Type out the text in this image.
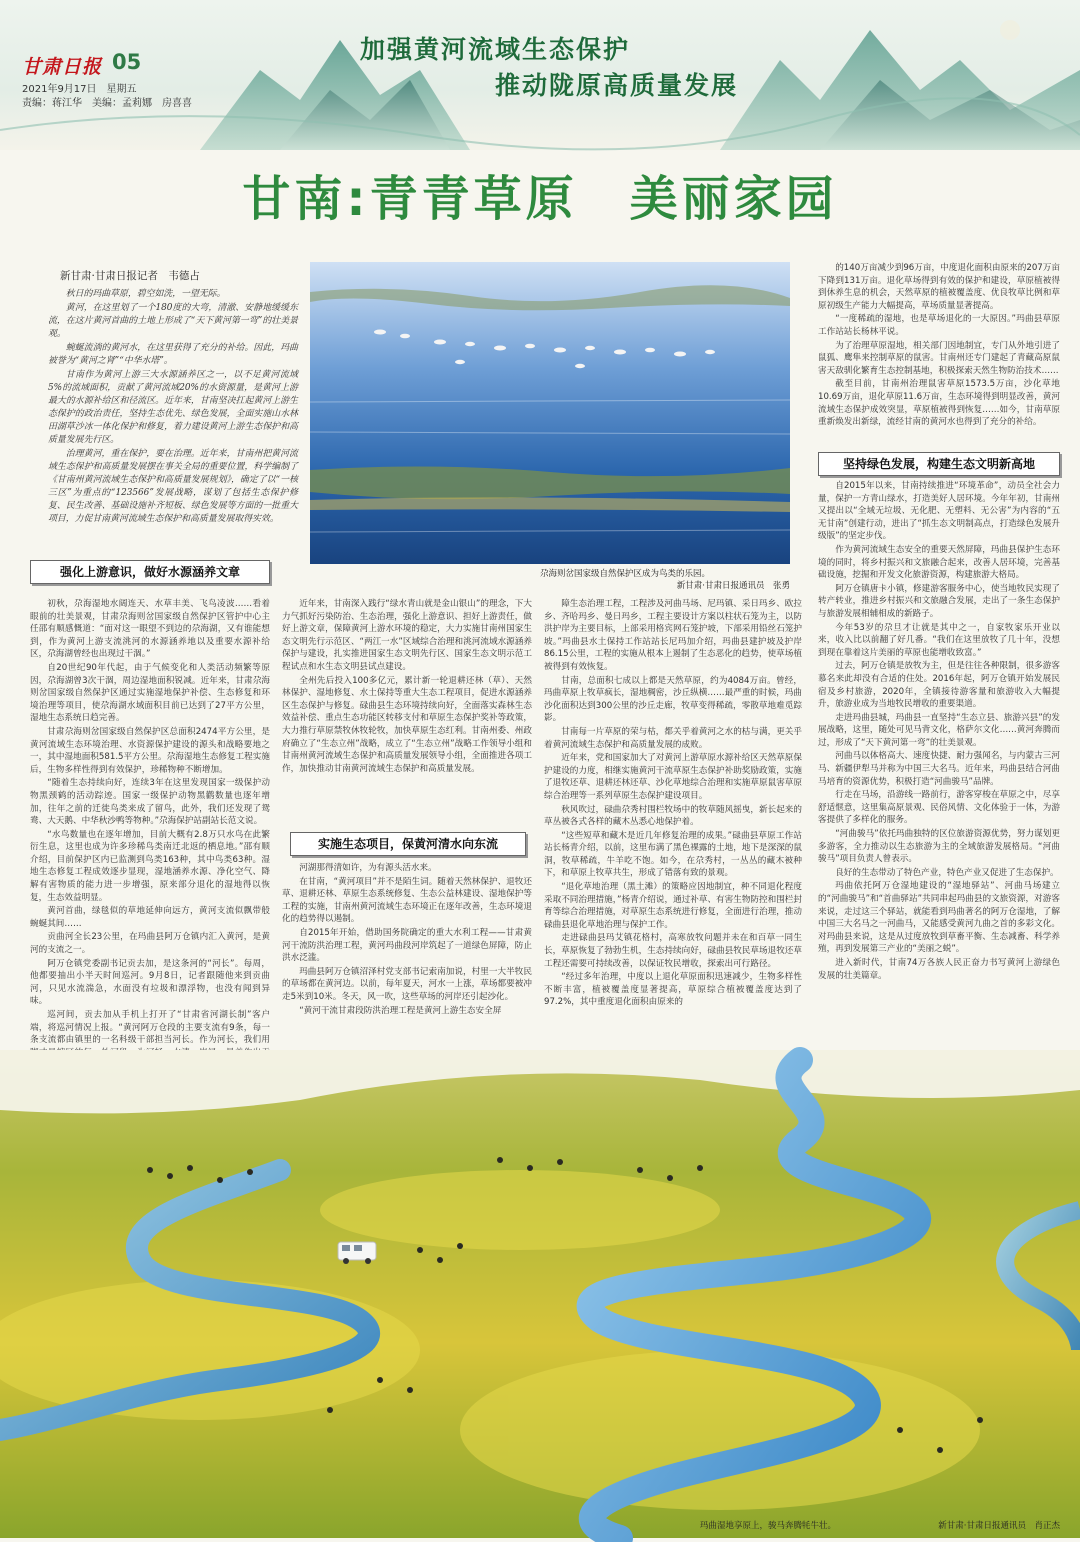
甘肃日报 05
2021年9月17日　星期五
责编：蒋江华　美编：孟莉娜　房喜喜
加强黄河流域生态保护
推动陇原高质量发展
甘南:青青草原　美丽家园
新甘肃·甘肃日报记者　韦德占

秋日的玛曲草原，碧空如洗，一望无际。

黄河，在这里划了一个180度的大弯，清澈、安静地缓缓东流，在这片黄河首曲的土地上形成了“天下黄河第一弯”的壮美景观。

蜿蜒流淌的黄河水，在这里获得了充分的补给。因此，玛曲被誉为“黄河之肾”“中华水塔”。

甘南作为黄河上游三大水源涵养区之一，以不足黄河流域5%的流域面积，贡献了黄河流域20%的水资源量，是黄河上游最大的水源补给区和径流区。近年来，甘南坚决扛起黄河上游生态保护的政治责任，坚持生态优先、绿色发展，全面实施山水林田湖草沙冰一体化保护和修复，着力建设黄河上游生态保护和高质量发展先行区。

治理黄河，重在保护，要在治理。近年来，甘南州把黄河流域生态保护和高质量发展摆在事关全局的重要位置，科学编制了《甘南州黄河流域生态保护和高质量发展规划》，确定了以“一核三区”为重点的“123566”发展战略，谋划了包括生态保护修复、民生改善、基础设施补齐短板、绿色发展等方面的一批重大项目，力促甘南黄河流域生态保护和高质量发展取得实效。

强化上游意识，做好水源涵养文章	尕海则岔国家级自然保护区成为鸟类的乐园。
新甘肃·甘肃日报通讯员　张勇

的140万亩减少到96万亩，中度退化面积由原来的207万亩下降到131万亩。退化草场得到有效的保护和建设，草原植被得到休养生息的机会，天然草原的植被覆盖度、优良牧草比例和草原初级生产能力大幅提高，草场质量显著提高。

“一度稀疏的湿地，也是草场退化的一大原因。”玛曲县草原工作站站长杨林平说。

为了治理草原湿地，相关部门因地制宜，专门从外地引进了鼠狐、鹰隼来控制草原的鼠害。甘南州还专门建起了青藏高原鼠害天敌驯化繁育生态控制基地，积极探索天然生物防治技术……

截至目前，甘南州治理鼠害草原1573.5万亩，沙化草地10.69万亩，退化草原11.6万亩，生态环境得到明显改善，黄河流域生态保护成效突显，草原植被得到恢复……如今，甘南草原重新焕发出新绿，流经甘南的黄河水也得到了充分的补给。

坚持绿色发展，构建生态文明新高地

自2015年以来，甘南持续推进“环境革命”，动员全社会力量，保护一方青山绿水，打造美好人居环境。今年年初，甘南州又提出以“全域无垃圾、无化肥、无塑料、无公害”为内容的“五无甘南”创建行动，进出了“抓生态文明制高点，打造绿色发展升级版”的坚定步伐。

作为黄河流域生态安全的重要天然屏障，玛曲县保护生态环境的同时，将乡村振兴和文旅融合起来，改善人居环境，完善基础设施，挖掘和开发文化旅游资源，构建旅游大格局。

阿万仓镇唐卡小镇，修建游客服务中心，使当地牧民实现了转产转业，推进乡村振兴和文旅融合发展，走出了一条生态保护与旅游发展相辅相成的新路子。

今年53岁的尕旦才让就是其中之一，自家牧家乐开业以来，收入比以前翻了好几番。“我们在这里放牧了几十年，没想到现在靠着这片美丽的草原也能增收致富。”

过去，阿万仓镇是放牧为主，但是往往各种限制，很多游客慕名来此却没有合适的住处。2016年起，阿万仓镇开始发展民宿及乡村旅游，2020年，全镇接待游客量和旅游收入大幅提升，旅游业成为当地牧民增收的重要渠道。

走进玛曲县城，玛曲县一直坚持“生态立县、旅游兴县”的发展战略，这里，随处可见马背文化，格萨尔文化……黄河奔腾而过，形成了“天下黄河第一弯”的壮美景观。

河曲马以体格高大、速度快捷、耐力强闻名，与内蒙古三河马、新疆伊犁马并称为中国三大名马。近年来，玛曲县结合河曲马培育的资源优势，积极打造“河曲骏马”品牌。

行走在马场，沿游线一路前行，游客穿梭在草原之中，尽享舒适惬意，这里集高原景观、民俗风情、文化体验于一体，为游客提供了多样化的服务。

“河曲骏马”依托玛曲独特的区位旅游资源优势，努力谋划更多游客，全力推动以生态旅游为主的全域旅游发展格局。“河曲骏马”项目负责人曾表示。

良好的生态带动了特色产业，特色产业又促进了生态保护。

玛曲依托阿万仓湿地建设的“湿地驿站”、河曲马场建立的“河曲骏马”和“首曲驿站”共同串起玛曲县的文旅资源，对游客来说，走过这三个驿站，就能看到玛曲著名的阿万仓湿地，了解中国三大名马之一河曲马，又能感受黄河九曲之首的多彩文化。对玛曲县来说，这是从过度放牧到草畜平衡、生态减畜、科学养殖，再到发展第三产业的“美丽之蜕”。

进入新时代，甘南74万各族人民正奋力书写黄河上游绿色发展的壮美篇章。

初秋，尕海湿地水阔连天、水草丰美、飞鸟凌波……看着眼前的壮美景观，甘肃尕海则岔国家级自然保护区管护中心主任邵有顺感慨道：“面对这一眼望不到边的尕海湖，又有谁能想到，作为黄河上游支流洮河的水源涵养地以及重要水源补给区，尕海湖曾经也出现过干涸。”

自20世纪90年代起，由于气候变化和人类活动频繁等原因，尕海湖曾3次干涸，周边湿地面积锐减。近年来，甘肃尕海则岔国家级自然保护区通过实施湿地保护补偿、生态修复和环境治理等项目，使尕海湖水域面积目前已达到了27平方公里，湿地生态系统日趋完善。

甘肃尕海则岔国家级自然保护区总面积2474平方公里，是黄河流域生态环境治理、水资源保护建设的源头和战略要地之一，其中湿地面积581.5平方公里。尕海湿地生态修复工程实施后，生物多样性得到有效保护，珍稀物种不断增加。

“随着生态持续向好，连续3年在这里发现国家一级保护动物黑颈鹤的活动踪迹。国家一级保护动物黑鹳数量也逐年增加，往年之前的迁徙鸟类来成了留鸟，此外，我们还发现了鸳鸯、大天鹅、中华秋沙鸭等物种。”尕海保护站副站长范文说。

“水鸟数量也在逐年增加，目前大概有2.8万只水鸟在此繁衍生息，这里也成为许多珍稀鸟类南迁北返的栖息地。”邵有顺介绍，目前保护区内已监测到鸟类163种，其中鸟类63种。湿地生态修复工程成效逐步显现，湿地涵养水源、净化空气、降解有害物质的能力进一步增强，原来部分退化的湿地得以恢复，生态效益明显。

黄河首曲，绿毯似的草地延伸向远方，黄河支流似飘带般蜿蜒其间……

贡曲河全长23公里，在玛曲县阿万仓镇内汇入黄河，是黄河的支流之一。

阿万仓镇党委副书记贡去加，是这条河的“河长”。每周，他都要抽出小半天时间巡河。9月8日，记者跟随他来到贡曲河，只见水流湍急，水面没有垃圾和漂浮物，也没有闻到异味。

巡河间，贡去加从手机上打开了“甘肃省河湖长制”客户端，将巡河情况上报。“黄河阿万仓段的主要支流有9条，每一条支流都由镇里的一名科级干部担当河长。作为河长，我们用

近年来，甘南深入践行“绿水青山就是金山银山”的理念，下大力气抓好污染防治、生态治理，强化上游意识、担好上游责任，做好上游文章，保障黄河上游水环境的稳定，大力实施甘南州国家生态文明先行示范区、“两江一水”区域综合治理和洮河流域水源涵养保护与建设，扎实推进国家生态文明先行区、国家生态文明示范工程试点和水生态文明县试点建设。

全州先后投入100多亿元，累计新一轮退耕还林（草）、天然林保护、湿地修复、水土保持等重大生态工程项目，促进水源涵养区生态保护与修复。碌曲县生态环境持续向好，全面落实森林生态效益补偿、重点生态功能区转移支付和草原生态保护奖补等政策，大力推行草原禁牧休牧轮牧，加快草原生态红利。甘南州委、州政府确立了“生态立州”战略，成立了“生态立州”战略工作领导小组和甘南州黄河流域生态保护和高质量发展领导小组，全面推进各项工作，加快推动甘南黄河流域生态保护和高质量发展。

实施生态项目，保黄河清水向东流

河湖那得清如许，为有源头活水来。

在甘南，“黄河项目”并不是陌生词。随着天然林保护、退牧还草、退耕还林、草原生态系统修复、生态公益林建设、湿地保护等工程的实施，甘南州黄河流域生态环境正在逐年改善，生态环境退化的趋势得以遏制。

自2015年开始，借助国务院确定的重大水利工程——甘肃黄河干流防洪治理工程，黄河玛曲段河岸筑起了一道绿色屏障，防止洪水泛滥。

玛曲县阿万仓镇沼泽村党支部书记索南加说，村里一大半牧民的草场都在黄河边。以前，每年夏天，河水一上涨，草场都要被冲走5米到10米。冬天，风一吹，这些草场的河岸还引起沙化。

“黄河干流甘肃段防洪治理工程是黄河上游生态安全屏

障生态治理工程，工程涉及河曲马场、尼玛镇、采日玛乡、欧拉乡、齐哈玛乡、曼日玛乡，工程主要设计方案以柱状石笼为主，以防洪护岸为主要目标，上部采用格宾网石笼护坡，下部采用铅丝石笼护坡。”玛曲县水土保持工作站站长尼玛加介绍，玛曲县建护坡及护岸86.15公里，工程的实施从根本上遏制了生态恶化的趋势，使草场植被得到有效恢复。

甘南，总面积七成以上都是天然草原，约为4084万亩。曾经，玛曲草原上牧草疯长，湿地稠密，沙丘纵横……最严重的时候，玛曲沙化面积达到300公里的沙丘走廊，牧草变得稀疏，零散草地难觅踪影。

甘南每一片草原的荣与枯，都关乎着黄河之水的枯与满，更关乎着黄河流域生态保护和高质量发展的成败。

近年来，党和国家加大了对黄河上游草原水源补给区天然草原保护建设的力度，相继实施黄河干流草原生态保护补助奖励政策，实施了退牧还草、退耕还林还草、沙化草地综合治理和实施草原鼠害草原综合治理等一系列草原生态保护建设项目。

秋风吹过，碌曲尕秀村围栏牧场中的牧草随风摇曳，新长起来的草丛被各式各样的藏木丛悉心地保护着。

“这些短草和藏木是近几年修复治理的成果。”碌曲县草原工作站站长杨青介绍，以前，这里布满了黑色裸露的土地，地下是深深的鼠洞，牧草稀疏，牛羊吃不饱。如今，在尕秀村，一丛丛的藏木被种下，和草原上牧草共生，形成了错落有致的景观。

“退化草地治理（黑土滩）的策略应因地制宜，种不同退化程度采取不同治理措施，”杨青介绍说，通过补草、有害生物防控和围栏封育等综合治理措施，对草原生态系统进行修复，全面进行治理，推动碌曲县退化草地治理与保护工作。

走进碌曲县玛艾镇花格村，高寒放牧问题并未在和百草一同生长，草原恢复了勃勃生机，生态持续向好，碌曲县牧民草场退牧还草工程还需要可持续改善，以保证牧民增收，探索出可行路径。

“经过多年治理，中度以上退化草原面积迅速减少，生物多样性不断丰富，植被覆盖度显著提高，草原综合植被覆盖度达到了97.2%，其中重度退化面积由原来的

玛曲湿地享原上，骏马奔腾牦牛壮。	新甘肃·甘肃日报通讯员　肖正杰
